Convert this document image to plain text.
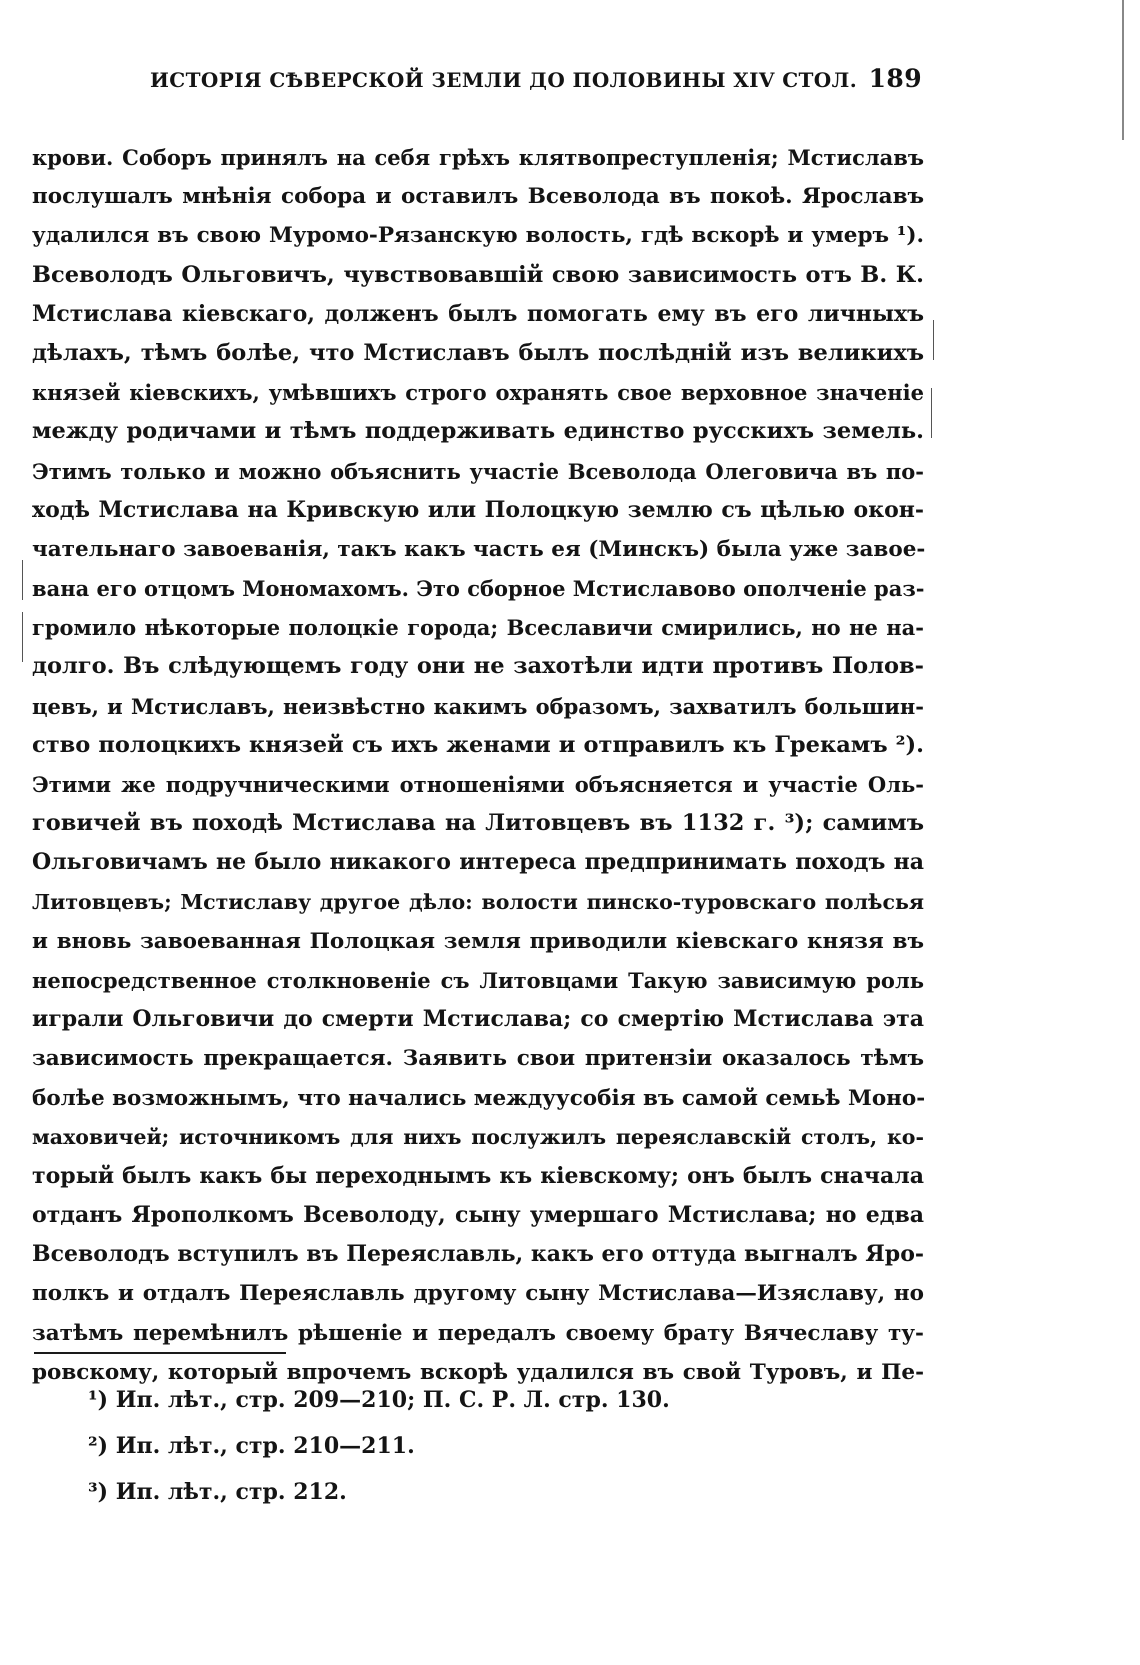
ИСТОРІЯ СѢВЕРСКОЙ ЗЕМЛИ ДО ПОЛОВИНЫ XIV СТОЛ. 189
крови. Соборъ принялъ на себя грѣхъ клятвопреступленія; Мстиславъ
послушалъ мнѣнія собора и оставилъ Всеволода въ покоѣ. Ярославъ
удалился въ свою Муромо-Рязанскую волость, гдѣ вскорѣ и умеръ ¹).
Всеволодъ Ольговичъ, чувствовавшій свою зависимость отъ В. К.
Мстислава кіевскаго, долженъ былъ помогать ему въ его личныхъ
дѣлахъ, тѣмъ болѣе, что Мстиславъ былъ послѣдній изъ великихъ
князей кіевскихъ, умѣвшихъ строго охранять свое верховное значеніе
между родичами и тѣмъ поддерживать единство русскихъ земель.
Этимъ только и можно объяснить участіе Всеволода Олеговича въ по-
ходѣ Мстислава на Кривскую или Полоцкую землю съ цѣлью окон-
чательнаго завоеванія, такъ какъ часть ея (Минскъ) была уже завое-
вана его отцомъ Мономахомъ. Это сборное Мстиславово ополченіе раз-
громило нѣкоторые полоцкіе города; Всеславичи смирились, но не на-
долго. Въ слѣдующемъ году они не захотѣли идти противъ Полов-
цевъ, и Мстиславъ, неизвѣстно какимъ образомъ, захватилъ большин-
ство полоцкихъ князей съ ихъ женами и отправилъ къ Грекамъ ²).
Этими же подручническими отношеніями объясняется и участіе Оль-
говичей въ походѣ Мстислава на Литовцевъ въ 1132 г. ³); самимъ
Ольговичамъ не было никакого интереса предпринимать походъ на
Литовцевъ; Мстиславу другое дѣло: волости пинско-туровскаго полѣсья
и вновь завоеванная Полоцкая земля приводили кіевскаго князя въ
непосредственное столкновеніе съ Литовцами Такую зависимую роль
играли Ольговичи до смерти Мстислава; со смертію Мстислава эта
зависимость прекращается. Заявить свои притензіи оказалось тѣмъ
болѣе возможнымъ, что начались междуусобія въ самой семьѣ Моно-
маховичей; источникомъ для нихъ послужилъ переяславскій столъ, ко-
торый былъ какъ бы переходнымъ къ кіевскому; онъ былъ сначала
отданъ Ярополкомъ Всеволоду, сыну умершаго Мстислава; но едва
Всеволодъ вступилъ въ Переяславль, какъ его оттуда выгналъ Яро-
полкъ и отдалъ Переяславль другому сыну Мстислава—Изяславу, но
затѣмъ перемѣнилъ рѣшеніе и передалъ своему брату Вячеславу ту-
ровскому, который впрочемъ вскорѣ удалился въ свой Туровъ, и Пе-
¹) Ип. лѣт., стр. 209—210; П. С. Р. Л. стр. 130.
²) Ип. лѣт., стр. 210—211.
³) Ип. лѣт., стр. 212.
